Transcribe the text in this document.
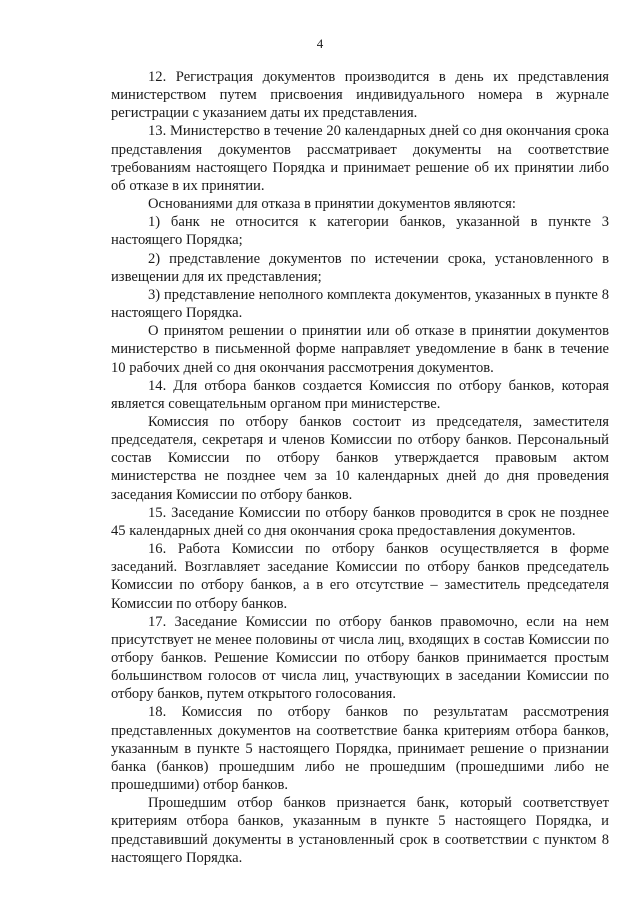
4

12. Регистрация документов производится в день их представления министерством путем присвоения индивидуального номера в журнале регистрации с указанием даты их представления.

13. Министерство в течение 20 календарных дней со дня окончания срока представления документов рассматривает документы на соответствие требованиям настоящего Порядка и принимает решение об их принятии либо об отказе в их принятии.

Основаниями для отказа в принятии документов являются:

1) банк не относится к категории банков, указанной в пункте 3 настоящего Порядка;

2) представление документов по истечении срока, установленного в извещении для их представления;

3) представление неполного комплекта документов, указанных в пункте 8 настоящего Порядка.

О принятом решении о принятии или об отказе в принятии документов министерство в письменной форме направляет уведомление в банк в течение 10 рабочих дней со дня окончания рассмотрения документов.

14. Для отбора банков создается Комиссия по отбору банков, которая является совещательным органом при министерстве.

Комиссия по отбору банков состоит из председателя, заместителя председателя, секретаря и членов Комиссии по отбору банков. Персональный состав Комиссии по отбору банков утверждается правовым актом министерства не позднее чем за 10 календарных дней до дня проведения заседания Комиссии по отбору банков.

15. Заседание Комиссии по отбору банков проводится в срок не позднее 45 календарных дней со дня окончания срока предоставления документов.

16. Работа Комиссии по отбору банков осуществляется в форме заседаний. Возглавляет заседание Комиссии по отбору банков председатель Комиссии по отбору банков, а в его отсутствие – заместитель председателя Комиссии по отбору банков.

17. Заседание Комиссии по отбору банков правомочно, если на нем присутствует не менее половины от числа лиц, входящих в состав Комиссии по отбору банков. Решение Комиссии по отбору банков принимается простым большинством голосов от числа лиц, участвующих в заседании Комиссии по отбору банков, путем открытого голосования.

18. Комиссия по отбору банков по результатам рассмотрения представленных документов на соответствие банка критериям отбора банков, указанным в пункте 5 настоящего Порядка, принимает решение о признании банка (банков) прошедшим либо не прошедшим (прошедшими либо не прошедшими) отбор банков.

Прошедшим отбор банков признается банк, который соответствует критериям отбора банков, указанным в пункте 5 настоящего Порядка, и представивший документы в установленный срок в соответствии с пунктом 8 настоящего Порядка.
